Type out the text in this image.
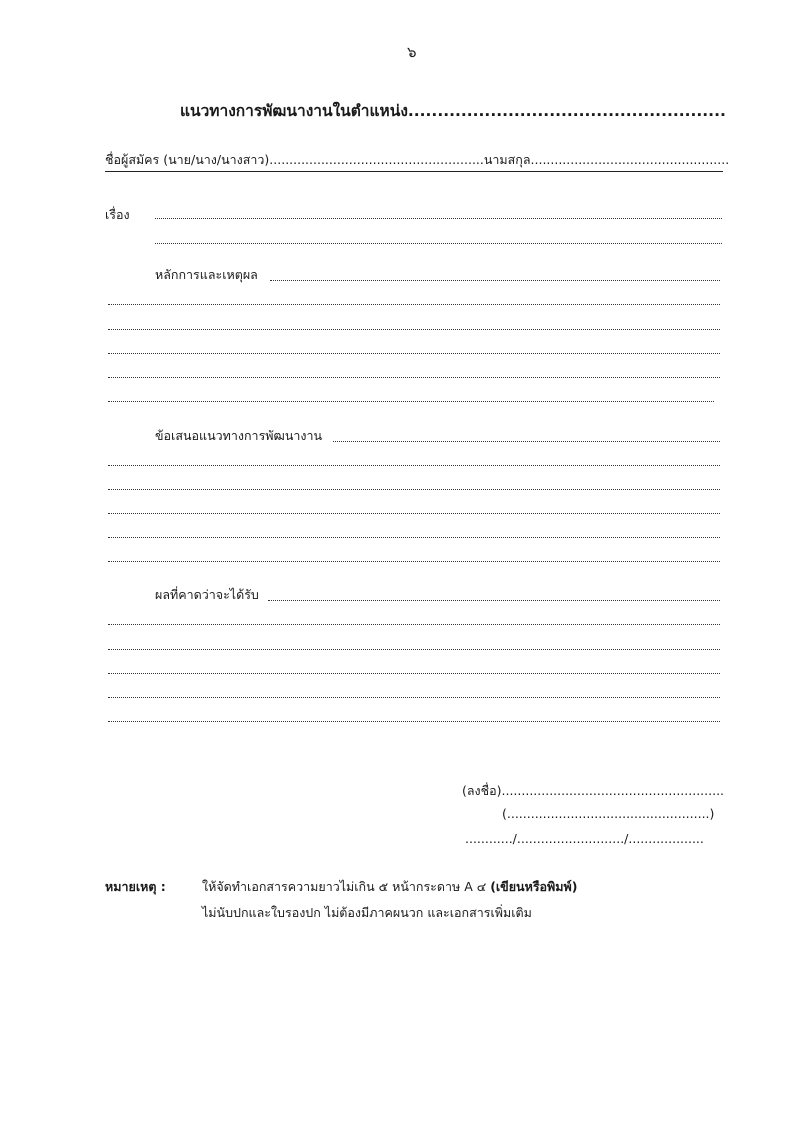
๖
แนวทางการพัฒนางานในตำแหน่ง......................................................
ชื่อผู้สมัคร (นาย/นาง/นางสาว)......................................................นามสกุล..................................................
เรื่อง
หลักการและเหตุผล
ข้อเสนอแนวทางการพัฒนางาน
ผลที่คาดว่าจะได้รับ
(ลงชื่อ)........................................................
(...................................................)
............/.........................../...................
หมายเหตุ :	ให้จัดทำเอกสารความยาวไม่เกิน ๕ หน้ากระดาษ A ๔ (เขียนหรือพิมพ์)
ไม่นับปกและใบรองปก ไม่ต้องมีภาคผนวก และเอกสารเพิ่มเติม
